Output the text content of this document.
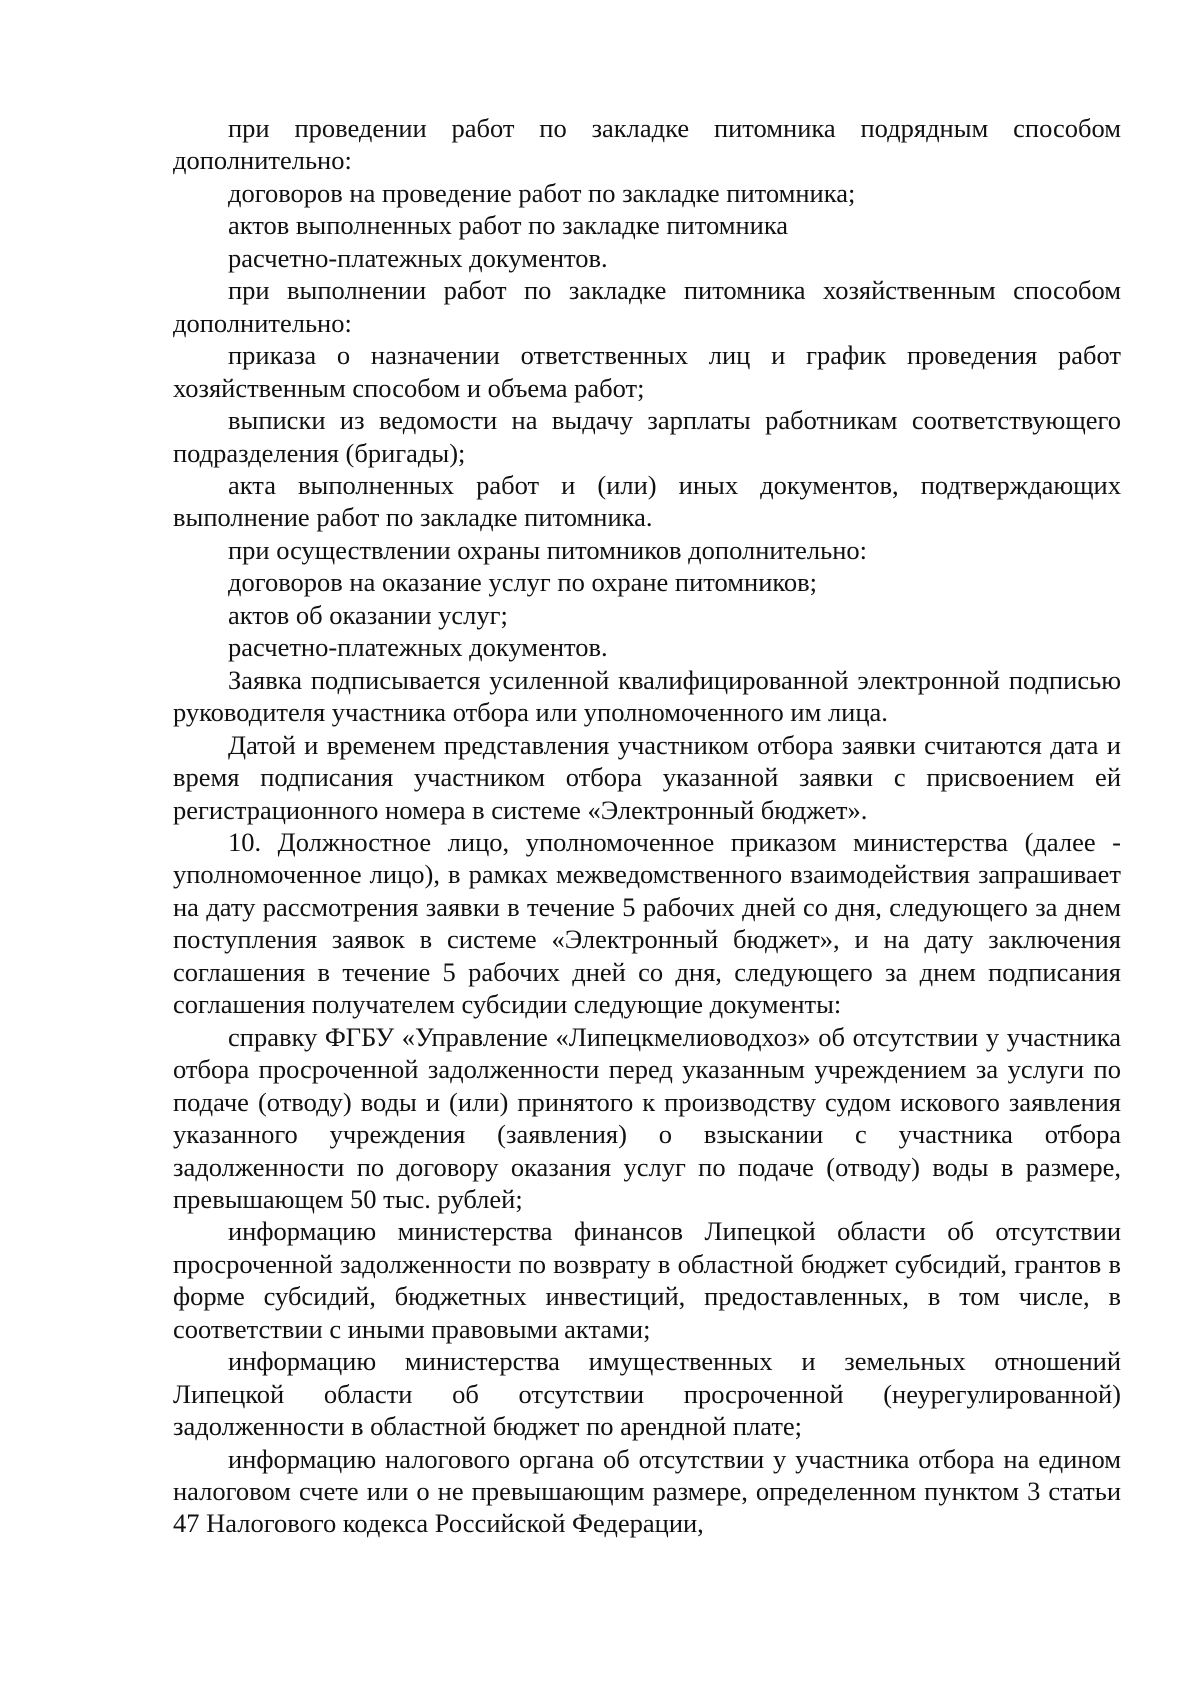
при проведении работ по закладке питомника подрядным способом дополнительно:

договоров на проведение работ по закладке питомника;

актов выполненных работ по закладке питомника

расчетно-платежных документов.

при выполнении работ по закладке питомника хозяйственным способом дополнительно:

приказа о назначении ответственных лиц и график проведения работ хозяйственным способом и объема работ;

выписки из ведомости на выдачу зарплаты работникам соответствующего подразделения (бригады);

акта выполненных работ и (или) иных документов, подтверждающих выполнение работ по закладке питомника.

при осуществлении охраны питомников дополнительно:

договоров на оказание услуг по охране питомников;

актов об оказании услуг;

расчетно-платежных документов.

Заявка подписывается усиленной квалифицированной электронной подписью руководителя участника отбора или уполномоченного им лица.

Датой и временем представления участником отбора заявки считаются дата и время подписания участником отбора указанной заявки с присвоением ей регистрационного номера в системе «Электронный бюджет».

10. Должностное лицо, уполномоченное приказом министерства (далее - уполномоченное лицо), в рамках межведомственного взаимодействия запрашивает на дату рассмотрения заявки в течение 5 рабочих дней со дня, следующего за днем поступления заявок в системе «Электронный бюджет», и на дату заключения соглашения в течение 5 рабочих дней со дня, следующего за днем подписания соглашения получателем субсидии следующие документы:

справку ФГБУ «Управление «Липецкмелиоводхоз» об отсутствии у участника отбора просроченной задолженности перед указанным учреждением за услуги по подаче (отводу) воды и (или) принятого к производству судом искового заявления указанного учреждения (заявления) о взыскании с участника отбора задолженности по договору оказания услуг по подаче (отводу) воды в размере, превышающем 50 тыс. рублей;

информацию министерства финансов Липецкой области об отсутствии просроченной задолженности по возврату в областной бюджет субсидий, грантов в форме субсидий, бюджетных инвестиций, предоставленных, в том числе, в соответствии с иными правовыми актами;

информацию министерства имущественных и земельных отношений Липецкой области об отсутствии просроченной (неурегулированной) задолженности в областной бюджет по арендной плате;

информацию налогового органа об отсутствии у участника отбора на едином налоговом счете или о не превышающим размере, определенном пунктом 3 статьи 47 Налогового кодекса Российской Федерации,
